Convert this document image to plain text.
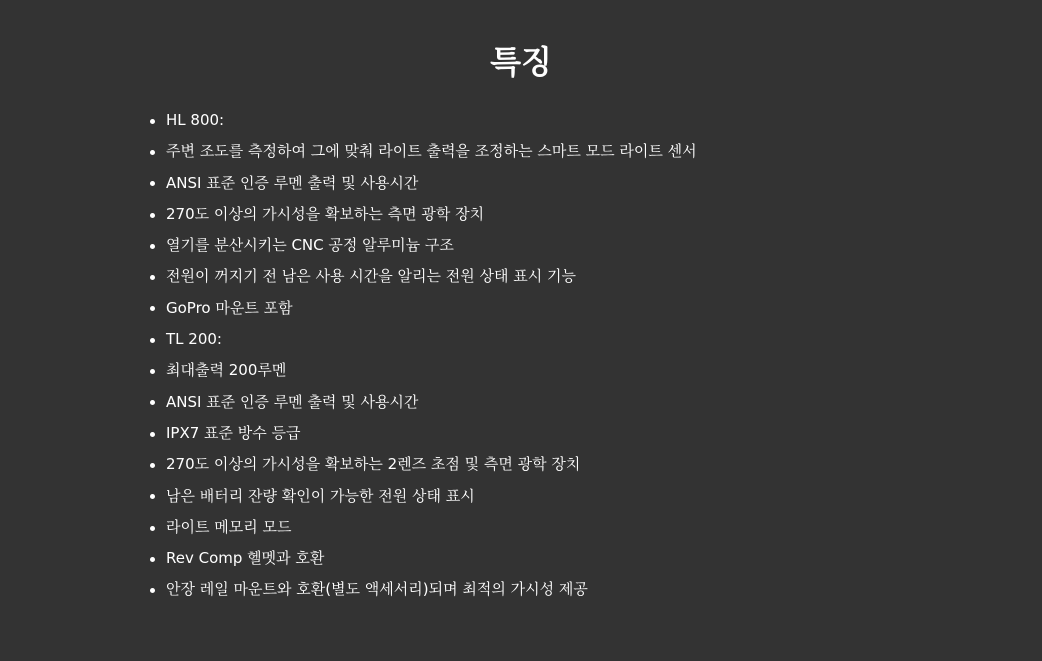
특징
HL 800:
주변 조도를 측정하여 그에 맞춰 라이트 출력을 조정하는 스마트 모드 라이트 센서
ANSI 표준 인증 루멘 출력 및 사용시간
270도 이상의 가시성을 확보하는 측면 광학 장치
열기를 분산시키는 CNC 공정 알루미늄 구조
전원이 꺼지기 전 남은 사용 시간을 알리는 전원 상태 표시 기능
GoPro 마운트 포함
TL 200:
최대출력 200루멘
ANSI 표준 인증 루멘 출력 및 사용시간
IPX7 표준 방수 등급
270도 이상의 가시성을 확보하는 2렌즈 초점 및 측면 광학 장치
남은 배터리 잔량 확인이 가능한 전원 상태 표시
라이트 메모리 모드
Rev Comp 헬멧과 호환
안장 레일 마운트와 호환(별도 액세서리)되며 최적의 가시성 제공
